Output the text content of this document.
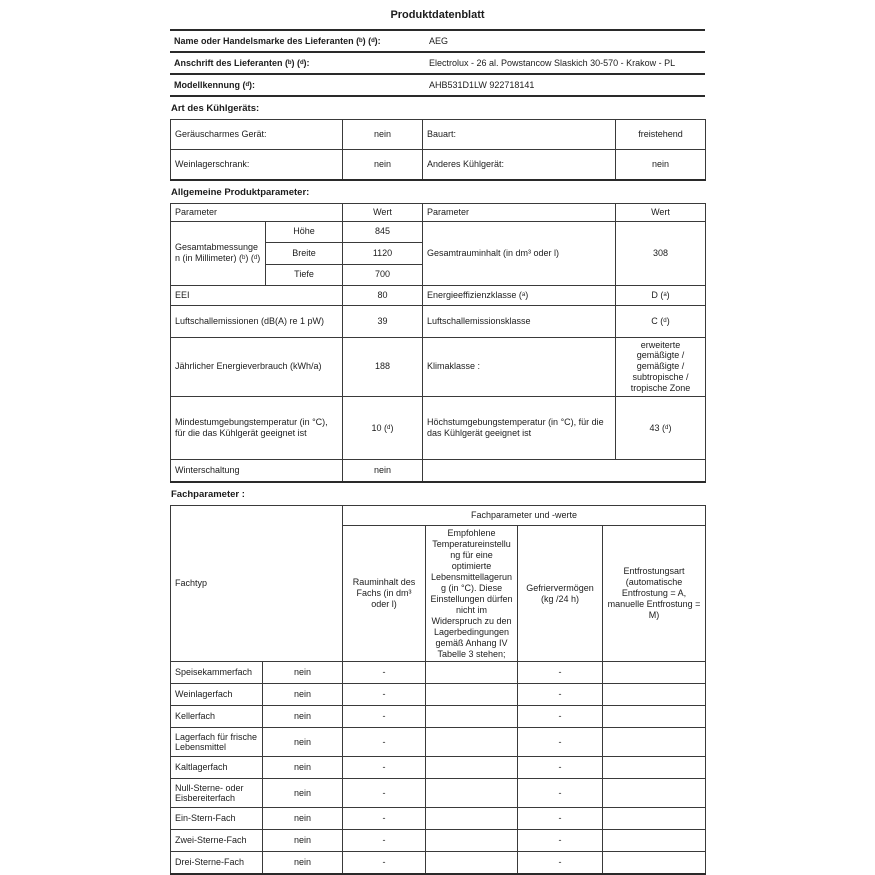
Produktdatenblatt
Name oder Handelsmarke des Lieferanten (ᵇ) (ᵈ):	AEG
Anschrift des Lieferanten (ᵇ) (ᵈ):	Electrolux - 26 al. Powstancow Slaskich 30-570 - Krakow - PL
Modellkennung (ᵈ):	AHB531D1LW 922718141
Art des Kühlgeräts:
Geräuscharmes Gerät:	nein	Bauart:	freistehend
Weinlagerschrank:	nein	Anderes Kühlgerät:	nein
Allgemeine Produktparameter:
Parameter		Wert	Parameter	Wert
Gesamtabmessungen (in Millimeter) (ᵇ) (ᵈ)	Höhe	845	Gesamtrauminhalt (in dm³ oder l)	308
	Breite	1120		
	Tiefe	700		
EEI		80	Energieeffizienzklasse (ᵃ)	D (ᵃ)
Luftschallemissionen (dB(A) re 1 pW)		39	Luftschallemissionsklasse	C (ᵈ)
Jährlicher Energieverbrauch (kWh/a)		188	Klimaklasse :	erweiterte gemäßigte / gemäßigte / subtropische / tropische Zone
Mindestumgebungstemperatur (in °C), für die das Kühlgerät geeignet ist		10 (ᵈ)	Höchstumgebungstemperatur (in °C), für die das Kühlgerät geeignet ist	43 (ᵈ)
Winterschaltung		nein		
Fachparameter :
Fachtyp		Fachparameter und -werte			
		Rauminhalt des Fachs (in dm³ oder l)	Empfohlene Temperatureinstellung für eine optimierte Lebensmittellagerung (in °C). Diese Einstellungen dürfen nicht im Widerspruch zu den Lagerbedingungen gemäß Anhang IV Tabelle 3 stehen;	Gefriervermögen (kg /24 h)	Entfrostungsart (automatische Entfrostung = A, manuelle Entfrostung = M)
Speisekammerfach	nein	-		-	
Weinlagerfach	nein	-		-	
Kellerfach	nein	-		-	
Lagerfach für frische Lebensmittel	nein	-		-	
Kaltlagerfach	nein	-		-	
Null-Sterne- oder Eisbereiterfach	nein	-		-	
Ein-Stern-Fach	nein	-		-	
Zwei-Sterne-Fach	nein	-		-	
Drei-Sterne-Fach	nein	-		-	
